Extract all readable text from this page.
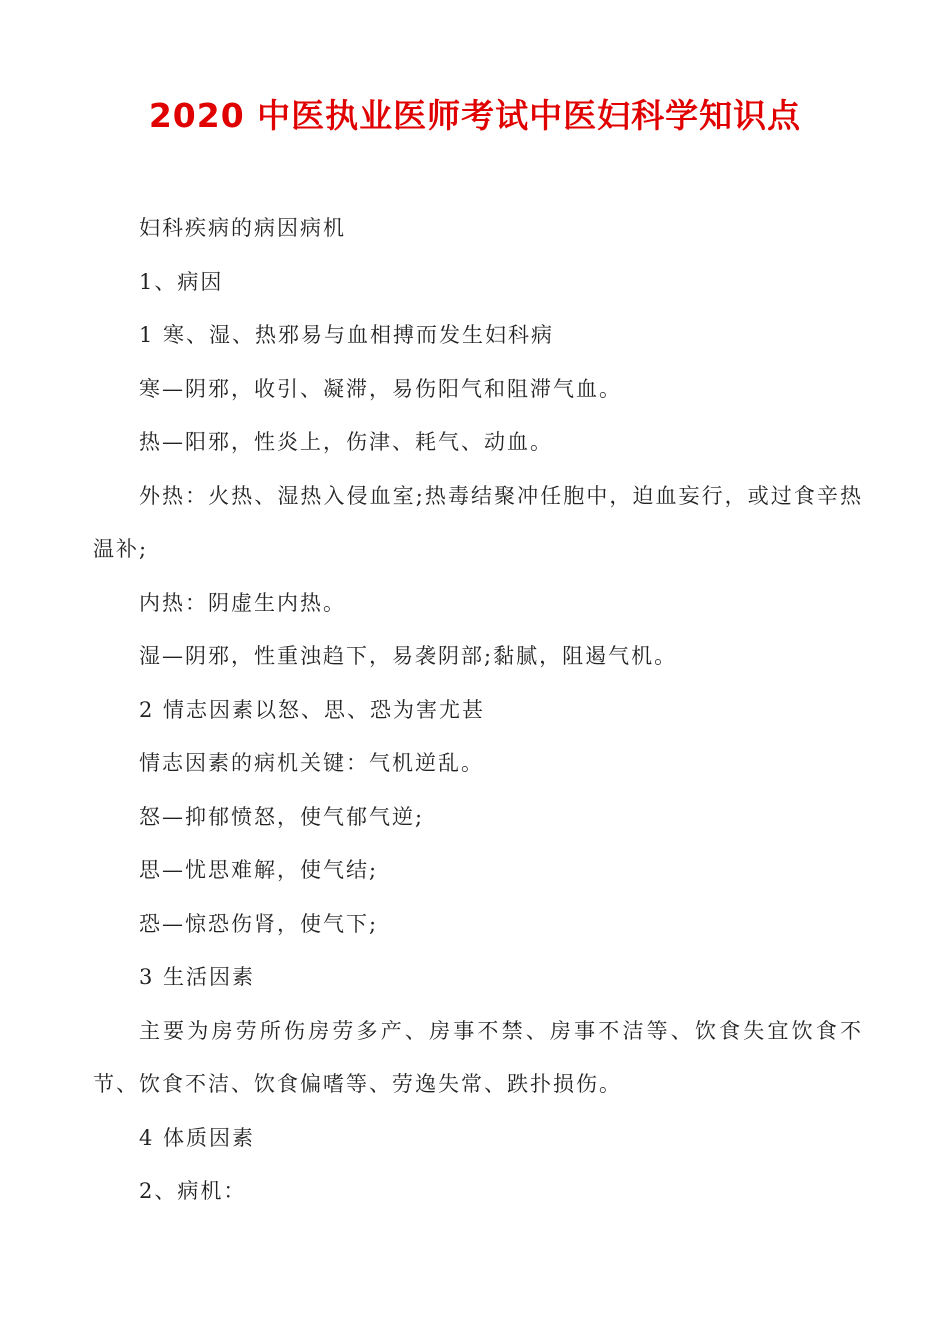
2020 中医执业医师考试中医妇科学知识点

妇科疾病的病因病机

1、病因

1 寒、湿、热邪易与血相搏而发生妇科病

寒—阴邪，收引、凝滞，易伤阳气和阻滞气血。

热—阳邪，性炎上，伤津、耗气、动血。

外热：火热、湿热入侵血室;热毒结聚冲任胞中，迫血妄行，或过食辛热温补;

内热：阴虚生内热。

湿—阴邪，性重浊趋下，易袭阴部;黏腻，阻遏气机。

2 情志因素以怒、思、恐为害尤甚

情志因素的病机关键：气机逆乱。

怒—抑郁愤怒，使气郁气逆;

思—忧思难解，使气结;

恐—惊恐伤肾，使气下;

3 生活因素

主要为房劳所伤房劳多产、房事不禁、房事不洁等、饮食失宜饮食不节、饮食不洁、饮食偏嗜等、劳逸失常、跌扑损伤。

4 体质因素

2、病机：
